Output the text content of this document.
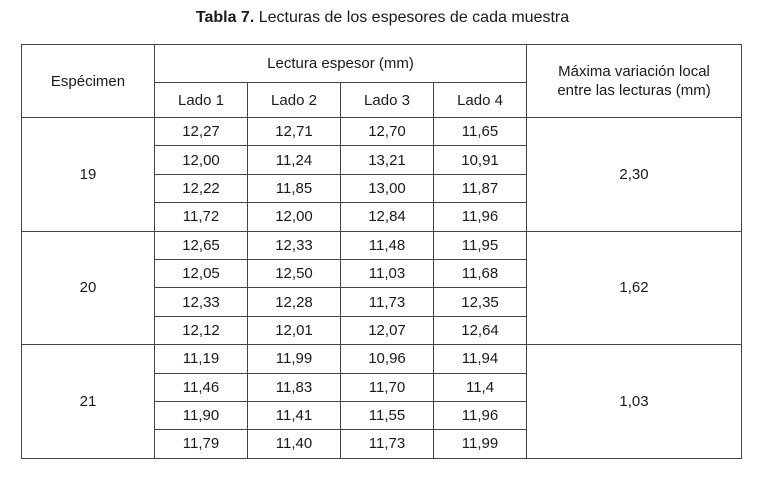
Tabla 7. Lecturas de los espesores de cada muestra
Espécimen	Lectura espesor (mm)				Máxima variación local
entre las lecturas (mm)

	Lado 1	Lado 2	Lado 3	Lado 4	
19	12,27	12,71	12,70	11,65	2,30
	12,00	11,24	13,21	10,91	
	12,22	11,85	13,00	11,87	
	11,72	12,00	12,84	11,96	
20	12,65	12,33	11,48	11,95	1,62
	12,05	12,50	11,03	11,68	
	12,33	12,28	11,73	12,35	
	12,12	12,01	12,07	12,64	
21	11,19	11,99	10,96	11,94	1,03
	11,46	11,83	11,70	11,4	
	11,90	11,41	11,55	11,96	
	11,79	11,40	11,73	11,99	
